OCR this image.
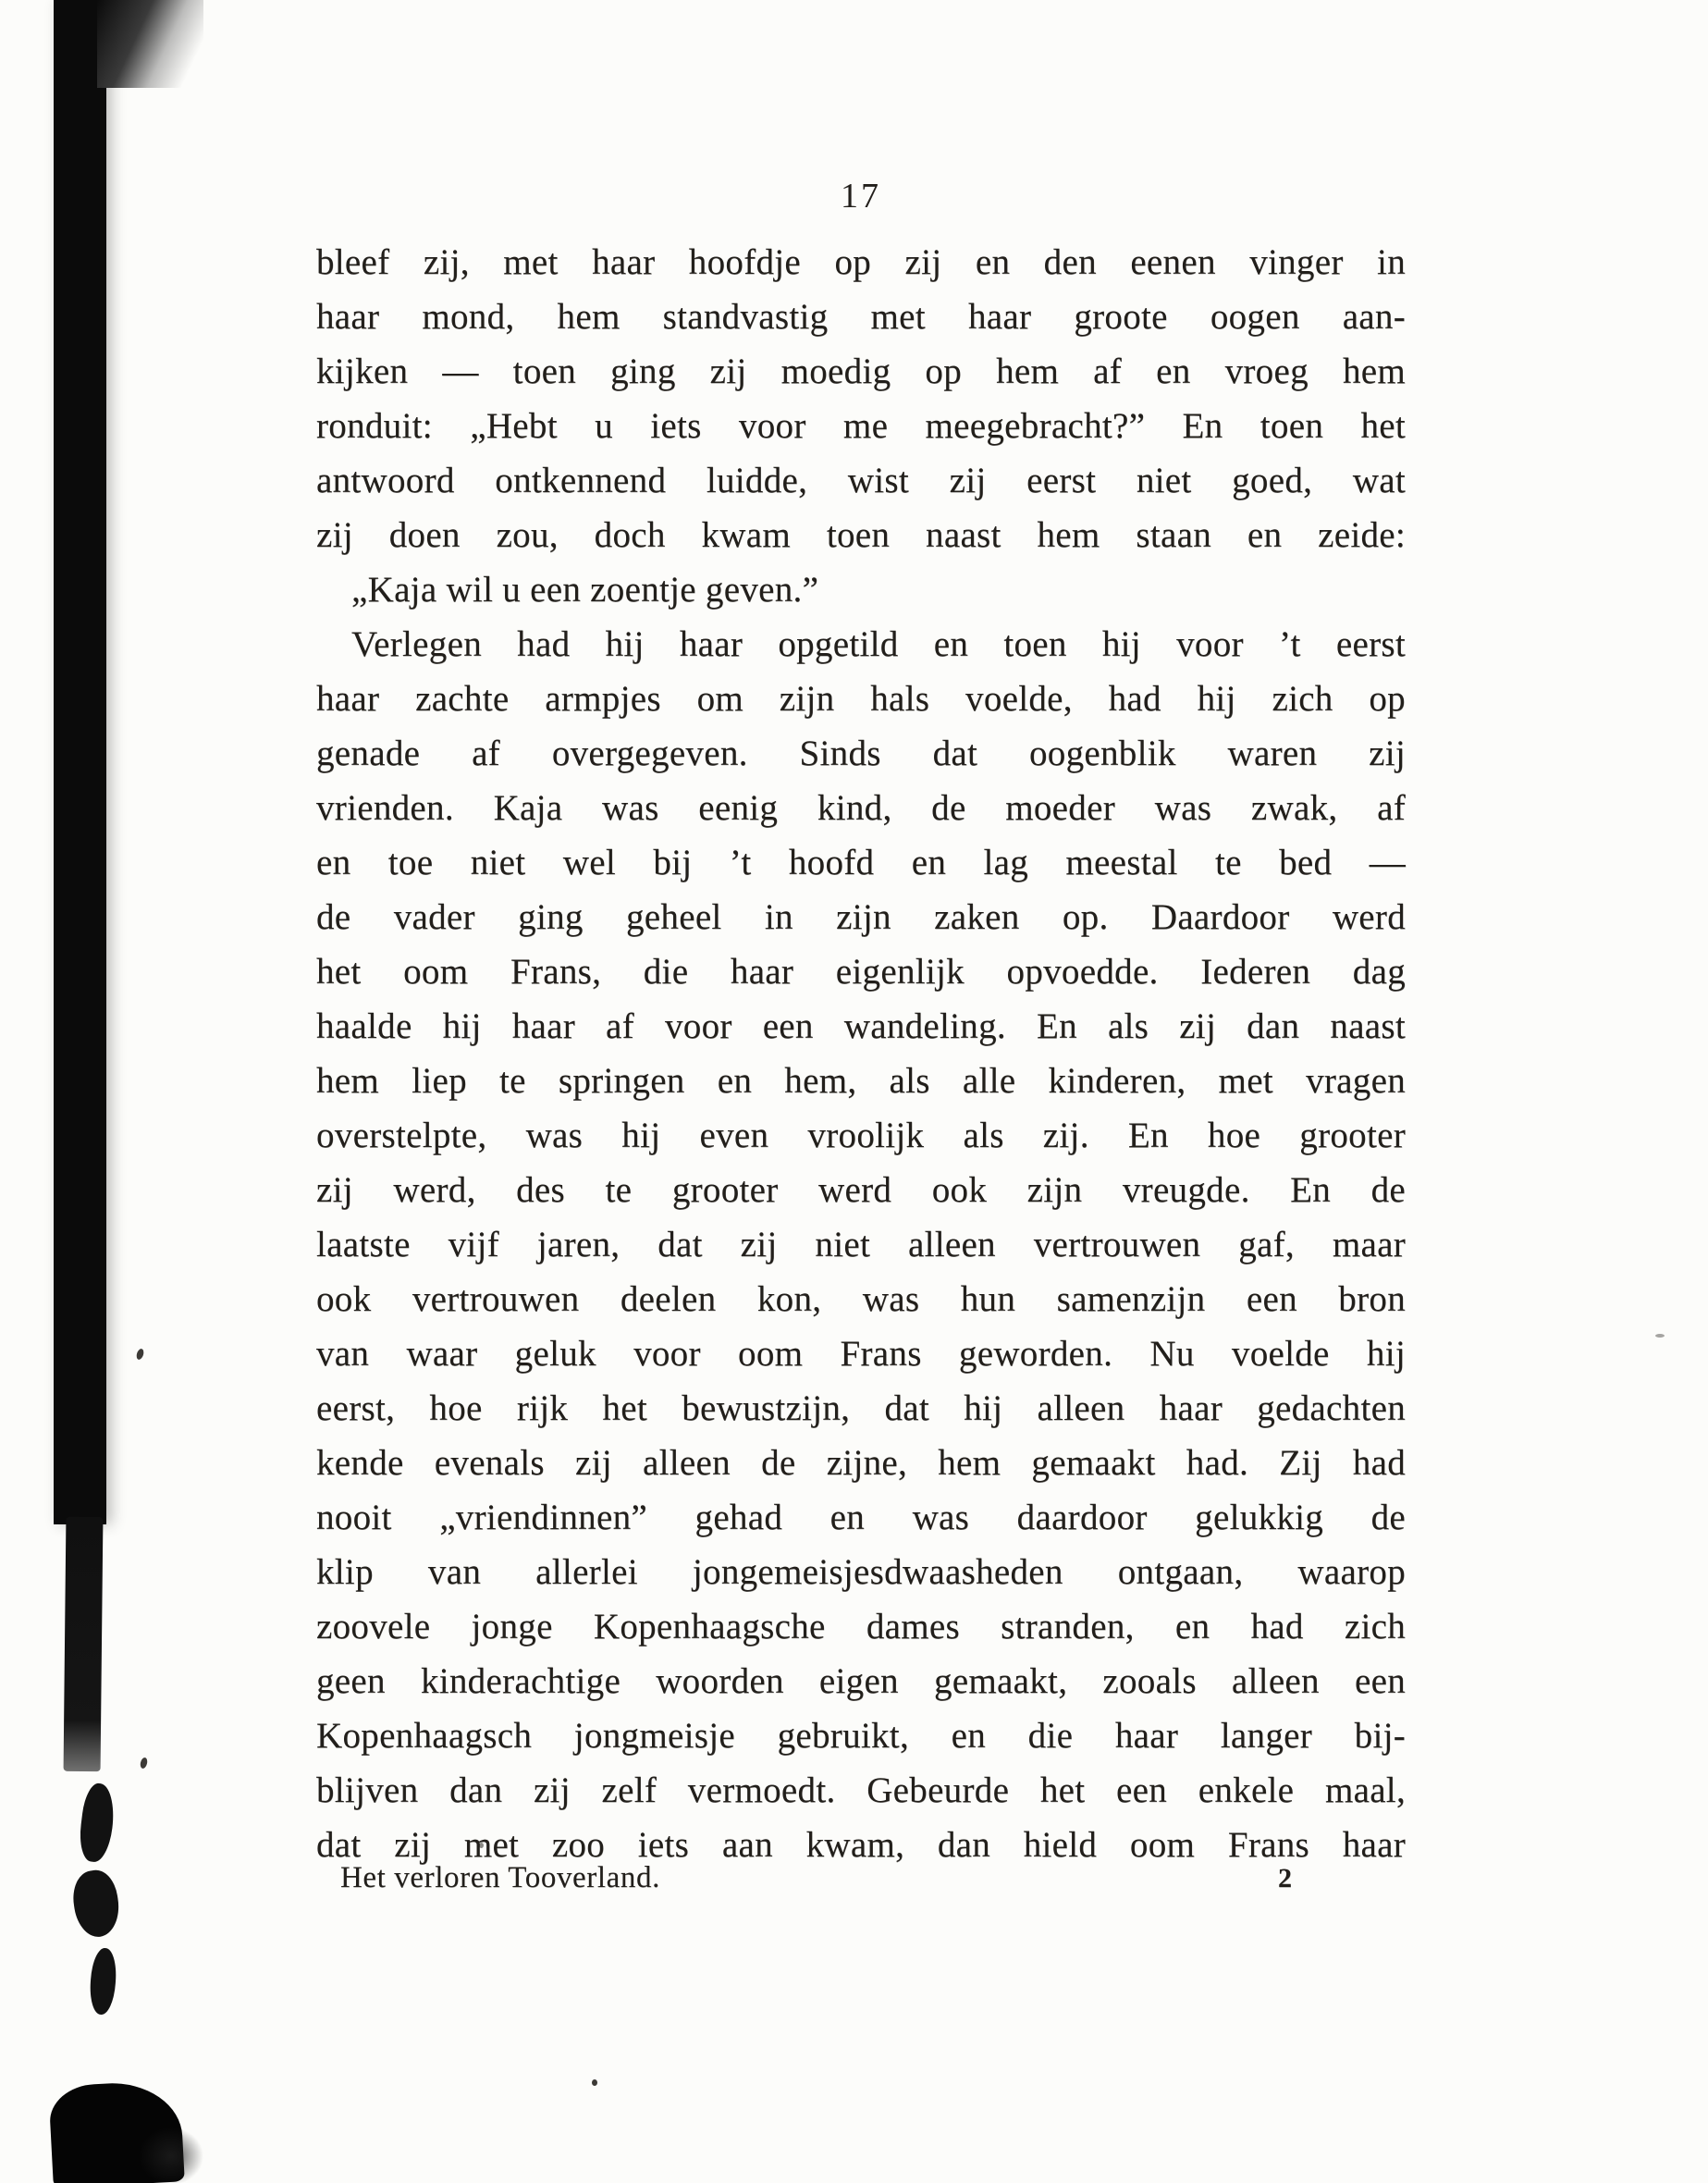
17
bleef zij, met haar hoofdje op zij en den eenen vinger in
haar mond, hem standvastig met haar groote oogen aan-
kijken — toen ging zij moedig op hem af en vroeg hem
ronduit: „Hebt u iets voor me meegebracht?” En toen het
antwoord ontkennend luidde, wist zij eerst niet goed, wat
zij doen zou, doch kwam toen naast hem staan en zeide:
„Kaja wil u een zoentje geven.”
Verlegen had hij haar opgetild en toen hij voor ’t eerst
haar zachte armpjes om zijn hals voelde, had hij zich op
genade af overgegeven. Sinds dat oogenblik waren zij
vrienden. Kaja was eenig kind, de moeder was zwak, af
en toe niet wel bij ’t hoofd en lag meestal te bed —
de vader ging geheel in zijn zaken op. Daardoor werd
het oom Frans, die haar eigenlijk opvoedde. Iederen dag
haalde hij haar af voor een wandeling. En als zij dan naast
hem liep te springen en hem, als alle kinderen, met vragen
overstelpte, was hij even vroolijk als zij. En hoe grooter
zij werd, des te grooter werd ook zijn vreugde. En de
laatste vijf jaren, dat zij niet alleen vertrouwen gaf, maar
ook vertrouwen deelen kon, was hun samenzijn een bron
van waar geluk voor oom Frans geworden. Nu voelde hij
eerst, hoe rijk het bewustzijn, dat hij alleen haar gedachten
kende evenals zij alleen de zijne, hem gemaakt had. Zij had
nooit „vriendinnen” gehad en was daardoor gelukkig de
klip van allerlei jongemeisjesdwaasheden ontgaan, waarop
zoovele jonge Kopenhaagsche dames stranden, en had zich
geen kinderachtige woorden eigen gemaakt, zooals alleen een
Kopenhaagsch jongmeisje gebruikt, en die haar langer bij-
blijven dan zij zelf vermoedt. Gebeurde het een enkele maal,
dat zij met zoo iets aan kwam, dan hield oom Frans haar
Het verloren Tooverland.	2
